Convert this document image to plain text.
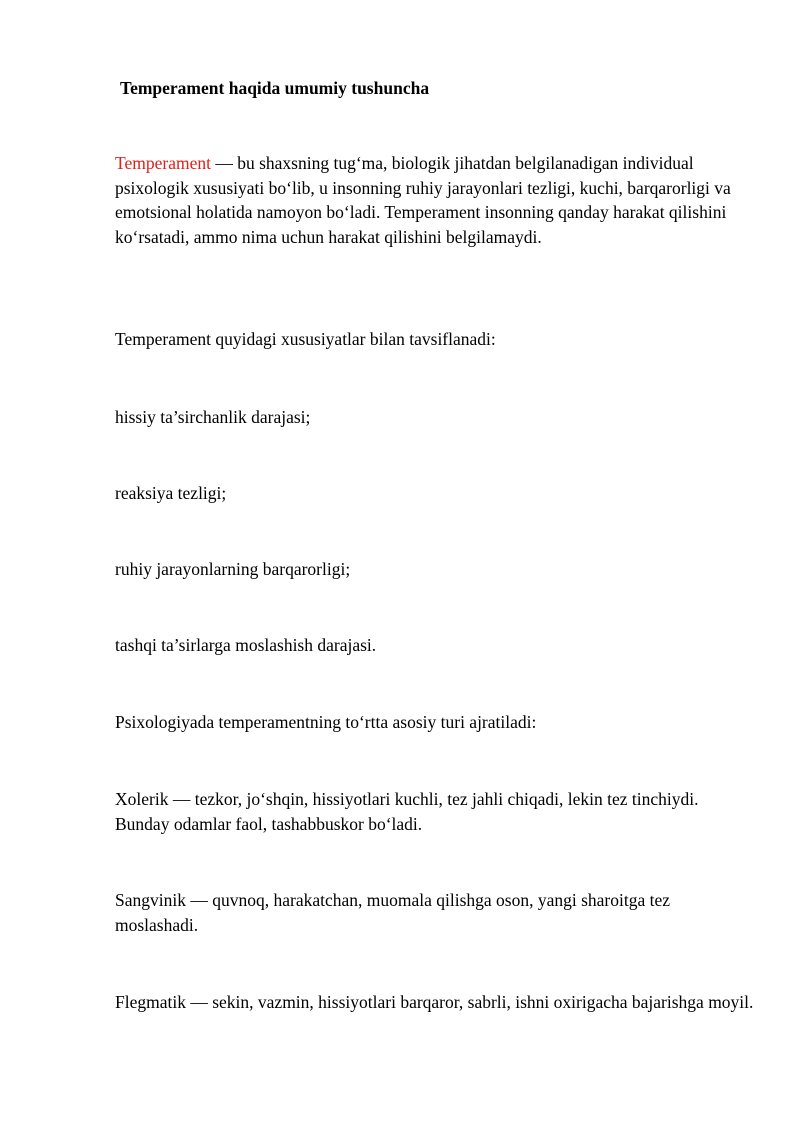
Temperament haqida umumiy tushuncha

Temperament — bu shaxsning tug‘ma, biologik jihatdan belgilanadigan individual psixologik xususiyati bo‘lib, u insonning ruhiy jarayonlari tezligi, kuchi, barqarorligi va emotsional holatida namoyon bo‘ladi. Temperament insonning qanday harakat qilishini ko‘rsatadi, ammo nima uchun harakat qilishini belgilamaydi.

Temperament quyidagi xususiyatlar bilan tavsiflanadi:

hissiy ta’sirchanlik darajasi;

reaksiya tezligi;

ruhiy jarayonlarning barqarorligi;

tashqi ta’sirlarga moslashish darajasi.

Psixologiyada temperamentning to‘rtta asosiy turi ajratiladi:

Xolerik — tezkor, jo‘shqin, hissiyotlari kuchli, tez jahli chiqadi, lekin tez tinchiydi. Bunday odamlar faol, tashabbuskor bo‘ladi.

Sangvinik — quvnoq, harakatchan, muomala qilishga oson, yangi sharoitga tez moslashadi.

Flegmatik — sekin, vazmin, hissiyotlari barqaror, sabrli, ishni oxirigacha bajarishga moyil.
